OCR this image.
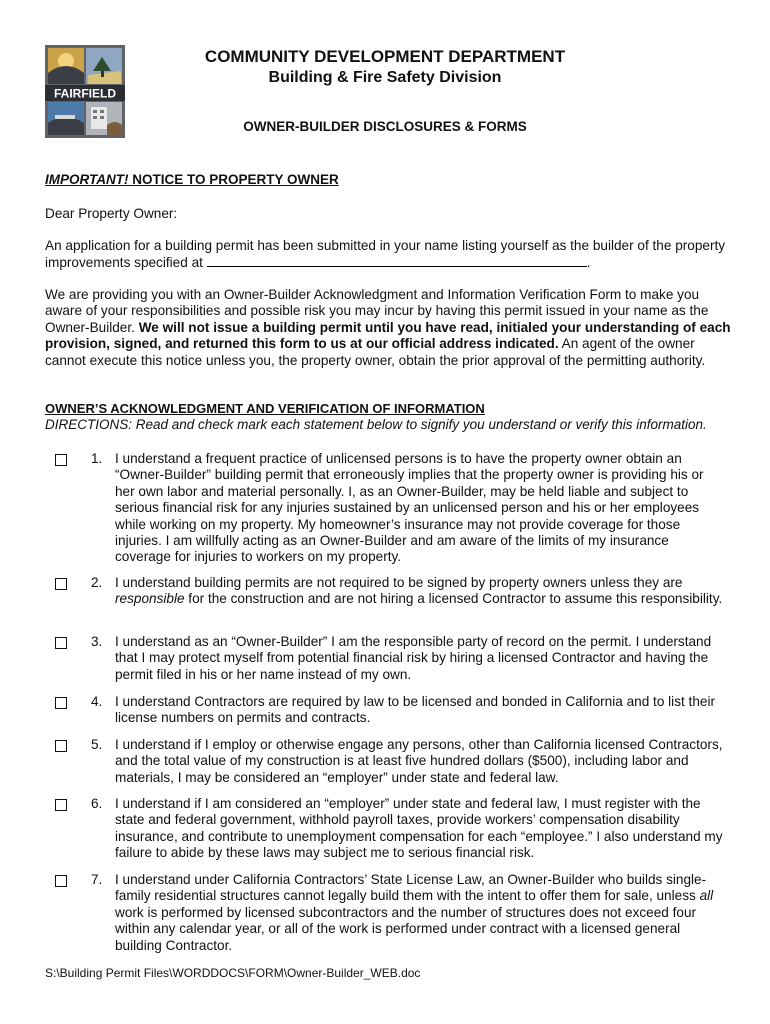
FAIRFIELD
COMMUNITY DEVELOPMENT DEPARTMENT
Building & Fire Safety Division
OWNER-BUILDER DISCLOSURES & FORMS
IMPORTANT! NOTICE TO PROPERTY OWNER
Dear Property Owner:
An application for a building permit has been submitted in your name listing yourself as the builder of the property improvements specified at	.
We are providing you with an Owner-Builder Acknowledgment and Information Verification Form to make you aware of your responsibilities and possible risk you may incur by having this permit issued in your name as the Owner-Builder. We will not issue a building permit until you have read, initialed your understanding of each provision, signed, and returned this form to us at our official address indicated. An agent of the owner cannot execute this notice unless you, the property owner, obtain the prior approval of the permitting authority.
OWNER’S ACKNOWLEDGMENT AND VERIFICATION OF INFORMATION
DIRECTIONS: Read and check mark each statement below to signify you understand or verify this information.
1. I understand a frequent practice of unlicensed persons is to have the property owner obtain an “Owner-Builder” building permit that erroneously implies that the property owner is providing his or her own labor and material personally. I, as an Owner-Builder, may be held liable and subject to serious financial risk for any injuries sustained by an unlicensed person and his or her employees while working on my property. My homeowner’s insurance may not provide coverage for those injuries. I am willfully acting as an Owner-Builder and am aware of the limits of my insurance coverage for injuries to workers on my property.
2. I understand building permits are not required to be signed by property owners unless they are responsible for the construction and are not hiring a licensed Contractor to assume this responsibility.
3. I understand as an “Owner-Builder” I am the responsible party of record on the permit. I understand that I may protect myself from potential financial risk by hiring a licensed Contractor and having the permit filed in his or her name instead of my own.
4. I understand Contractors are required by law to be licensed and bonded in California and to list their license numbers on permits and contracts.
5. I understand if I employ or otherwise engage any persons, other than California licensed Contractors, and the total value of my construction is at least five hundred dollars ($500), including labor and materials, I may be considered an “employer” under state and federal law.
6. I understand if I am considered an “employer” under state and federal law, I must register with the state and federal government, withhold payroll taxes, provide workers’ compensation disability insurance, and contribute to unemployment compensation for each “employee.” I also understand my failure to abide by these laws may subject me to serious financial risk.
7. I understand under California Contractors’ State License Law, an Owner-Builder who builds single-family residential structures cannot legally build them with the intent to offer them for sale, unless all work is performed by licensed subcontractors and the number of structures does not exceed four within any calendar year, or all of the work is performed under contract with a licensed general building Contractor.
S:\Building Permit Files\WORDDOCS\FORM\Owner-Builder_WEB.doc
